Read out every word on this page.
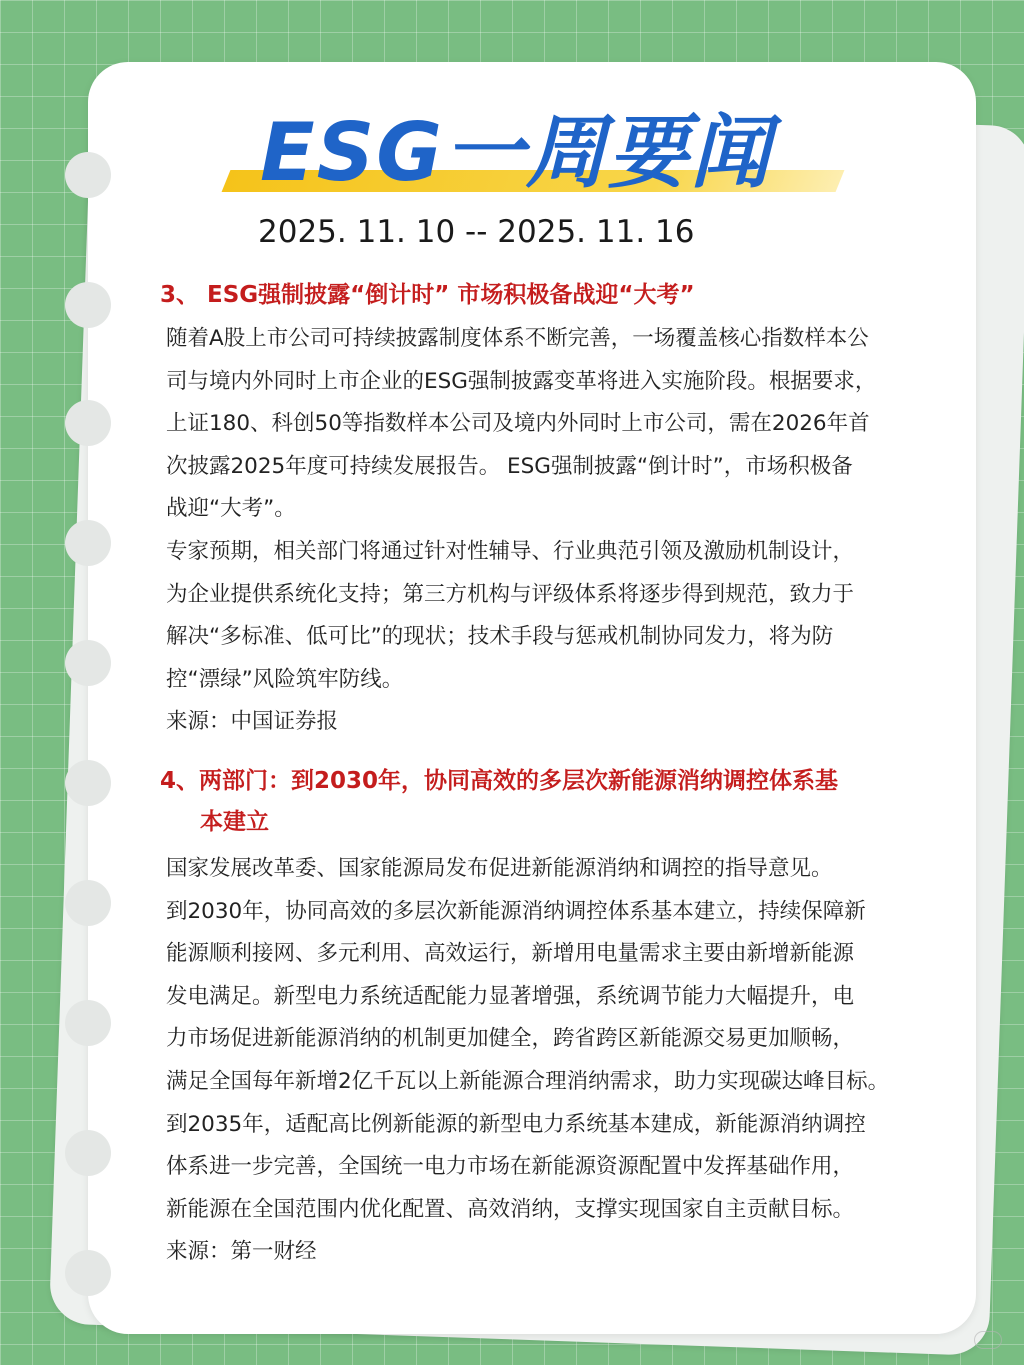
ESG一周要闻
2025. 11. 10 -- 2025. 11. 16
3、 ESG强制披露“倒计时” 市场积极备战迎“大考”
随着A股上市公司可持续披露制度体系不断完善，一场覆盖核心指数样本公
司与境内外同时上市企业的ESG强制披露变革将进入实施阶段。根据要求，
上证180、科创50等指数样本公司及境内外同时上市公司，需在2026年首
次披露2025年度可持续发展报告。 ESG强制披露“倒计时”，市场积极备
战迎“大考”。
专家预期，相关部门将通过针对性辅导、行业典范引领及激励机制设计，
为企业提供系统化支持；第三方机构与评级体系将逐步得到规范，致力于
解决“多标准、低可比”的现状；技术手段与惩戒机制协同发力，将为防
控“漂绿”风险筑牢防线。
来源：中国证券报
4、两部门：到2030年，协同高效的多层次新能源消纳调控体系基
本建立
国家发展改革委、国家能源局发布促进新能源消纳和调控的指导意见。
到2030年，协同高效的多层次新能源消纳调控体系基本建立，持续保障新
能源顺利接网、多元利用、高效运行，新增用电量需求主要由新增新能源
发电满足。新型电力系统适配能力显著增强，系统调节能力大幅提升，电
力市场促进新能源消纳的机制更加健全，跨省跨区新能源交易更加顺畅，
满足全国每年新增2亿千瓦以上新能源合理消纳需求，助力实现碳达峰目标。
到2035年，适配高比例新能源的新型电力系统基本建成，新能源消纳调控
体系进一步完善，全国统一电力市场在新能源资源配置中发挥基础作用，
新能源在全国范围内优化配置、高效消纳，支撑实现国家自主贡献目标。
来源：第一财经
